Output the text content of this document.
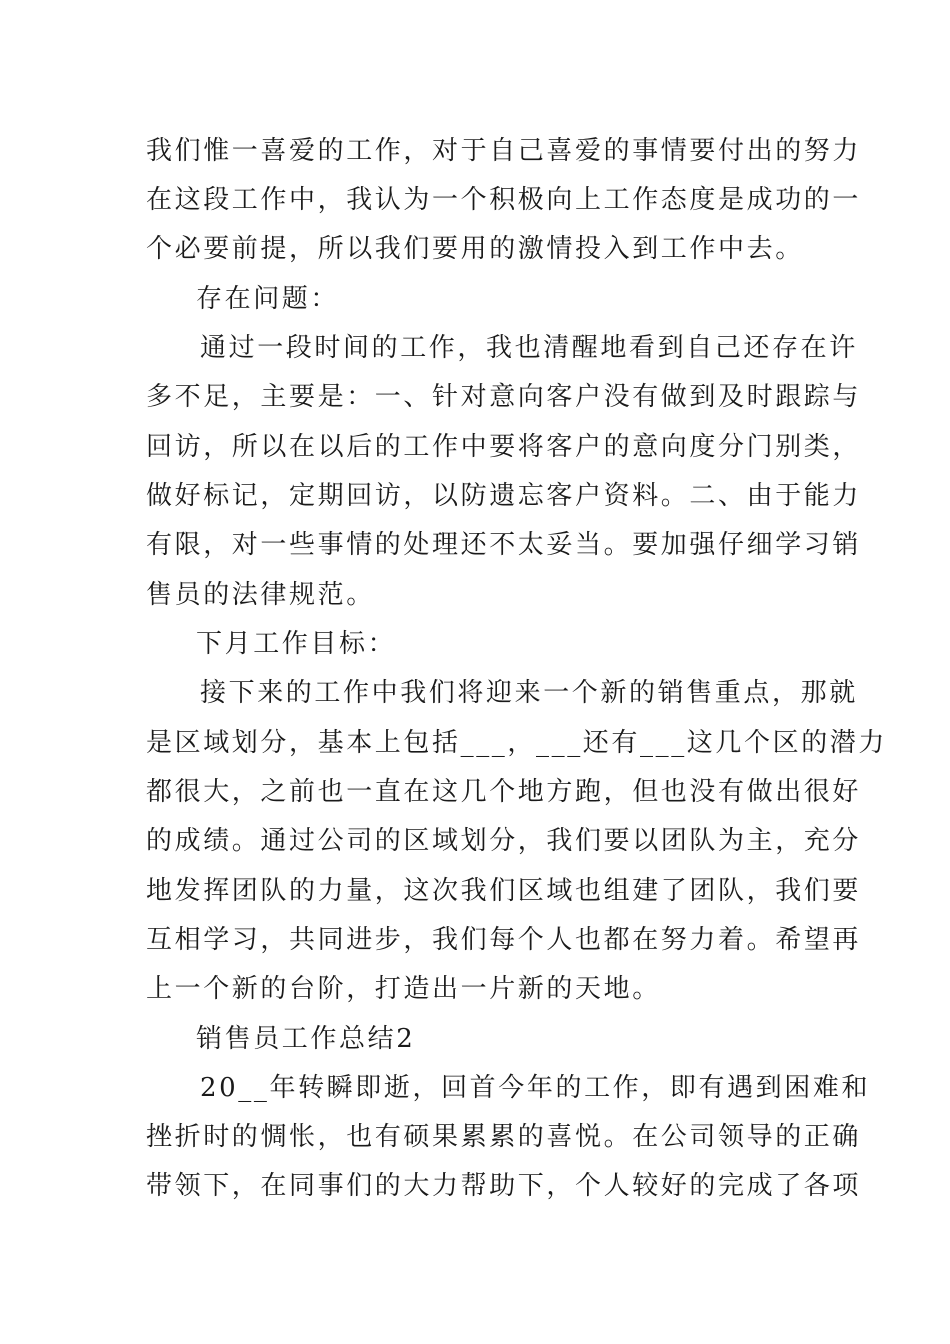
我们惟一喜爱的工作，对于自己喜爱的事情要付出的努力
在这段工作中，我认为一个积极向上工作态度是成功的一
个必要前提，所以我们要用的激情投入到工作中去。
存在问题：
通过一段时间的工作，我也清醒地看到自己还存在许
多不足，主要是：一、针对意向客户没有做到及时跟踪与
回访，所以在以后的工作中要将客户的意向度分门别类，
做好标记，定期回访，以防遗忘客户资料。二、由于能力
有限，对一些事情的处理还不太妥当。要加强仔细学习销
售员的法律规范。
下月工作目标：
接下来的工作中我们将迎来一个新的销售重点，那就
是区域划分，基本上包括___，___还有___这几个区的潜力
都很大，之前也一直在这几个地方跑，但也没有做出很好
的成绩。通过公司的区域划分，我们要以团队为主，充分
地发挥团队的力量，这次我们区域也组建了团队，我们要
互相学习，共同进步，我们每个人也都在努力着。希望再
上一个新的台阶，打造出一片新的天地。
销售员工作总结2
20__年转瞬即逝，回首今年的工作，即有遇到困难和
挫折时的惆怅，也有硕果累累的喜悦。在公司领导的正确
带领下，在同事们的大力帮助下，个人较好的完成了各项
